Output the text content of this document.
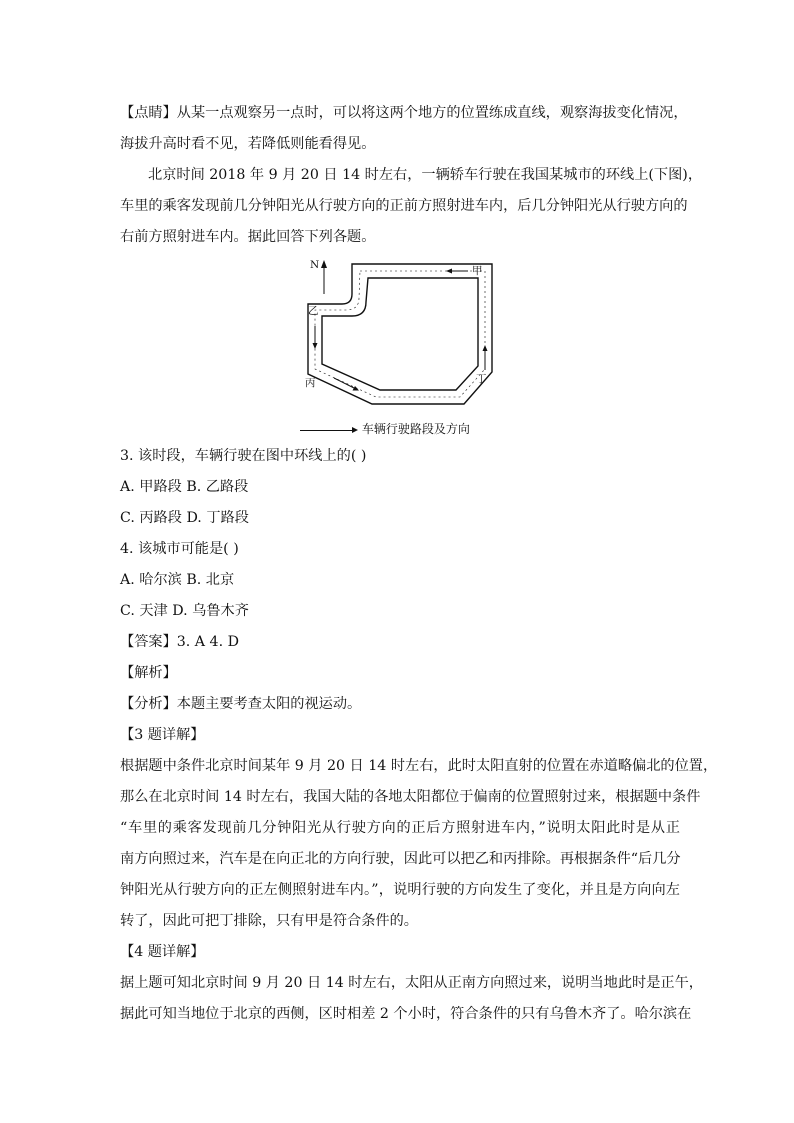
【点睛】从某一点观察另一点时，可以将这两个地方的位置练成直线，观察海拔变化情况，
海拔升高时看不见，若降低则能看得见。
北京时间 2018 年 9 月 20 日 14 时左右，一辆轿车行驶在我国某城市的环线上(下图)，
车里的乘客发现前几分钟阳光从行驶方向的正前方照射进车内，后几分钟阳光从行驶方向的
右前方照射进车内。据此回答下列各题。
N	甲
乙
丙	丁
车辆行驶路段及方向
3. 该时段，车辆行驶在图中环线上的( )
A. 甲路段 B. 乙路段
C. 丙路段 D. 丁路段
4. 该城市可能是( )
A. 哈尔滨 B. 北京
C. 天津 D. 乌鲁木齐
【答案】3. A 4. D
【解析】
【分析】本题主要考查太阳的视运动。
【3 题详解】
根据题中条件北京时间某年 9 月 20 日 14 时左右，此时太阳直射的位置在赤道略偏北的位置，
那么在北京时间 14 时左右，我国大陆的各地太阳都位于偏南的位置照射过来，根据题中条件
“车里的乘客发现前几分钟阳光从行驶方向的正后方照射进车内，”说明太阳此时是从正
南方向照过来，汽车是在向正北的方向行驶，因此可以把乙和丙排除。再根据条件“后几分
钟阳光从行驶方向的正左侧照射进车内。”，说明行驶的方向发生了变化，并且是方向向左
转了，因此可把丁排除，只有甲是符合条件的。
【4 题详解】
据上题可知北京时间 9 月 20 日 14 时左右，太阳从正南方向照过来，说明当地此时是正午，
据此可知当地位于北京的西侧，区时相差 2 个小时，符合条件的只有乌鲁木齐了。哈尔滨在
